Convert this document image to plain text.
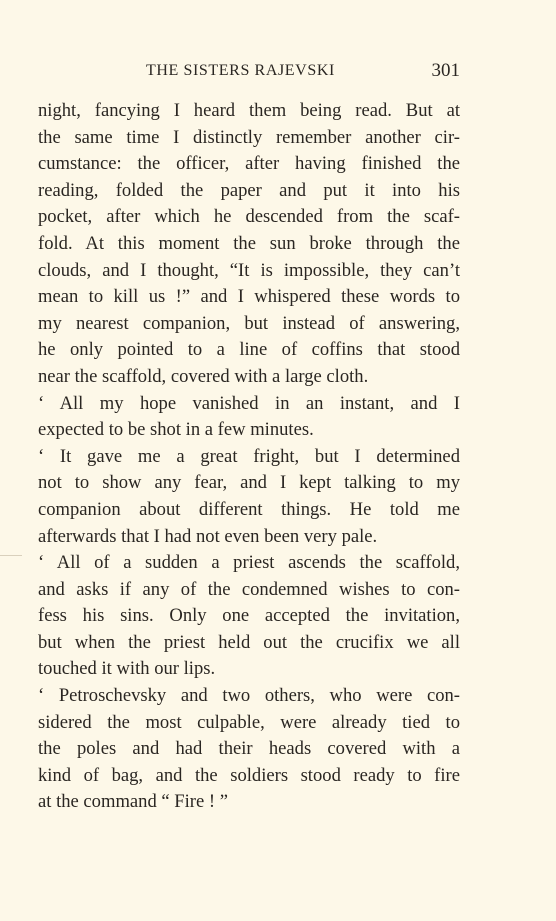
THE SISTERS RAJEVSKI	301
night, fancying I heard them being read. But at
the same time I distinctly remember another cir-
cumstance: the officer, after having finished the
reading, folded the paper and put it into his
pocket, after which he descended from the scaf-
fold. At this moment the sun broke through the
clouds, and I thought, “It is impossible, they can’t
mean to kill us !” and I whispered these words to
my nearest companion, but instead of answering,
he only pointed to a line of coffins that stood
near the scaffold, covered with a large cloth.
‘ All my hope vanished in an instant, and I
expected to be shot in a few minutes.
‘ It gave me a great fright, but I determined
not to show any fear, and I kept talking to my
companion about different things. He told me
afterwards that I had not even been very pale.
‘ All of a sudden a priest ascends the scaffold,
and asks if any of the condemned wishes to con-
fess his sins. Only one accepted the invitation,
but when the priest held out the crucifix we all
touched it with our lips.
‘ Petroschevsky and two others, who were con-
sidered the most culpable, were already tied to
the poles and had their heads covered with a
kind of bag, and the soldiers stood ready to fire
at the command “ Fire ! ”
